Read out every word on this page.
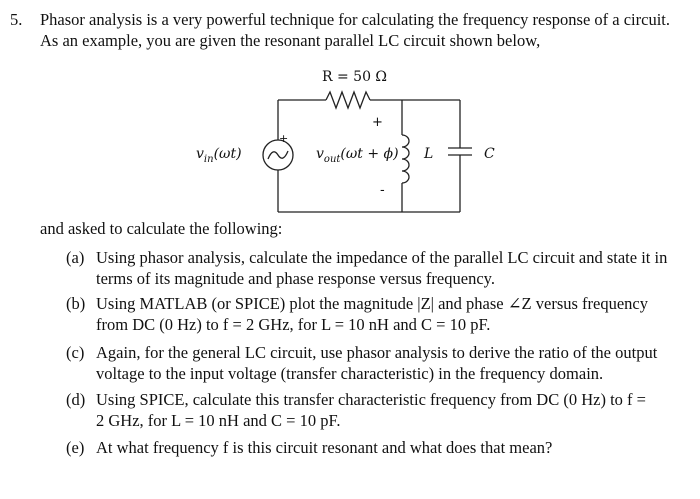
5. Phasor analysis is a very powerful technique for calculating the frequency response of a circuit.
As an example, you are given the resonant parallel LC circuit shown below,
R = 50 Ω
+
+
-
$v_{in}(\omega t)$	$v_{out}(\omega t + \phi)$ L	C
and asked to calculate the following:
(a) Using phasor analysis, calculate the impedance of the parallel LC circuit and state it in
terms of its magnitude and phase response versus frequency.
(b) Using MATLAB (or SPICE) plot the magnitude |Z| and phase ∠Z versus frequency
from DC (0 Hz) to f = 2 GHz, for L = 10 nH and C = 10 pF.
(c) Again, for the general LC circuit, use phasor analysis to derive the ratio of the output
voltage to the input voltage (transfer characteristic) in the frequency domain.
(d) Using SPICE, calculate this transfer characteristic frequency from DC (0 Hz) to f =
2 GHz, for L = 10 nH and C = 10 pF.
(e) At what frequency f is this circuit resonant and what does that mean?
